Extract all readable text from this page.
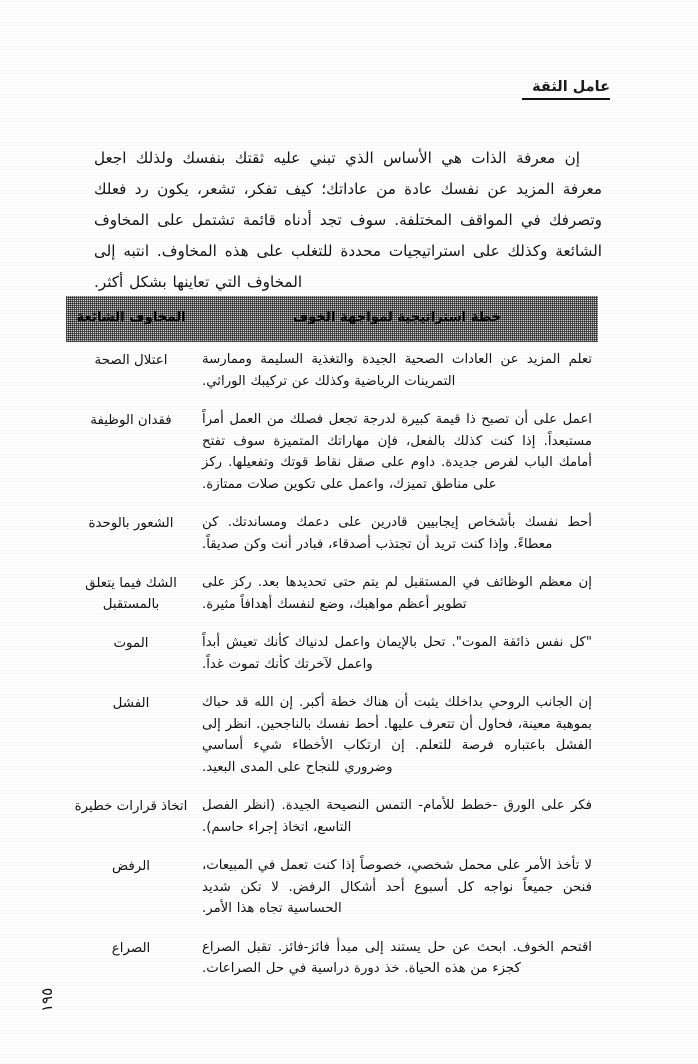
عامل الثقة

إن معرفة الذات هي الأساس الذي تبني عليه ثقتك بنفسك ولذلك اجعل معرفة المزيد عن نفسك عادة من عاداتك؛ كيف تفكر، تشعر، يكون رد فعلك وتصرفك في المواقف المختلفة. سوف تجد أدناه قائمة تشتمل على المخاوف الشائعة وكذلك على استراتيجيات محددة للتغلب على هذه المخاوف. انتبه إلى المخاوف التي تعاينها بشكل أكثر.

خطة استراتيجية لمواجهة الخوف	المخاوف الشائعة
تعلم المزيد عن العادات الصحية الجيدة والتغذية السليمة وممارسة التمرينات الرياضية وكذلك عن تركيبك الوراثي.	اعتلال الصحة
اعمل على أن تصبح ذا قيمة كبيرة لدرجة تجعل فصلك من العمل أمراً مستبعداً. إذا كنت كذلك بالفعل، فإن مهاراتك المتميزة سوف تفتح أمامك الباب لفرص جديدة. داوم على صقل نقاط قوتك وتفعيلها. ركز على مناطق تميزك، واعمل على تكوين صلات ممتازة.	فقدان الوظيفة
أحط نفسك بأشخاص إيجابيين قادرين على دعمك ومساندتك. كن معطاءً. وإذا كنت تريد أن تجتذب أصدقاء، فبادر أنت وكن صديقاً.	الشعور بالوحدة
إن معظم الوظائف في المستقبل لم يتم حتى تحديدها بعد. ركز على تطوير أعظم مواهبك، وضع لنفسك أهدافاً مثيرة.	الشك فيما يتعلق بالمستقبل
"كل نفس ذائقة الموت". تحل بالإيمان واعمل لدنياك كأنك تعيش أبداً واعمل لآخرتك كأنك تموت غداً.	الموت
إن الجانب الروحي بداخلك يثبت أن هناك خطة أكبر. إن الله قد حباك بموهبة معينة، فحاول أن تتعرف عليها. أحط نفسك بالناجحين. انظر إلى الفشل باعتباره فرصة للتعلم. إن ارتكاب الأخطاء شيء أساسي وضروري للنجاح على المدى البعيد.	الفشل
فكر على الورق -خطط للأمام- التمس النصيحة الجيدة. (انظر الفصل التاسع، اتخاذ إجراء حاسم).	اتخاذ قرارات خطيرة
لا تأخذ الأمر على محمل شخصي، خصوصاً إذا كنت تعمل في المبيعات، فنحن جميعاً نواجه كل أسبوع أحد أشكال الرفض. لا تكن شديد الحساسية تجاه هذا الأمر.	الرفض
اقتحم الخوف. ابحث عن حل يستند إلى مبدأ فائز-فائز. تقبل الصراع كجزء من هذه الحياة. خذ دورة دراسية في حل الصراعات.	الصراع
١٩٥
